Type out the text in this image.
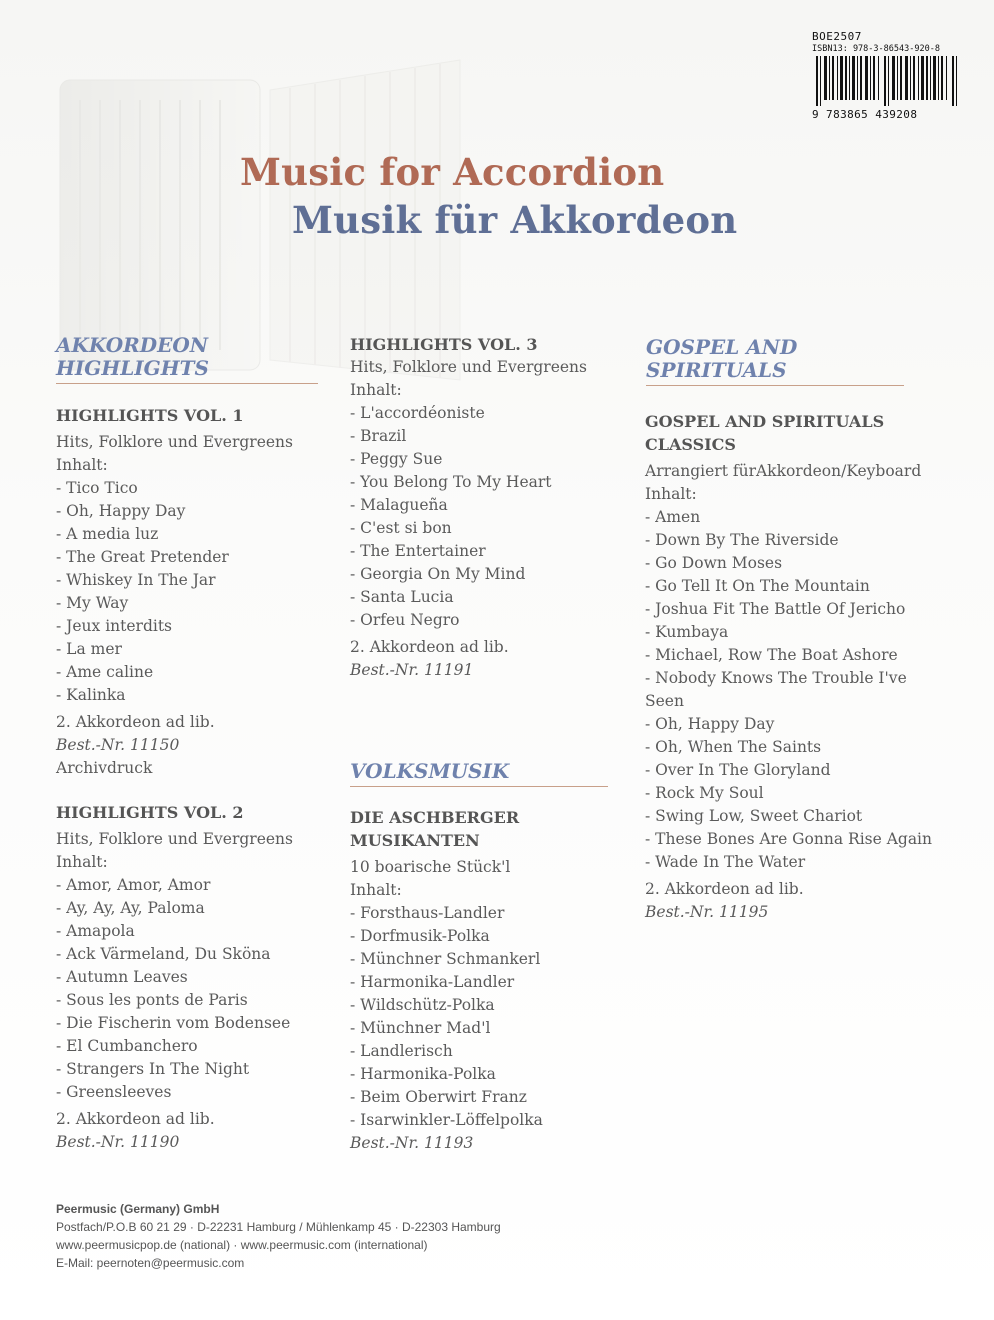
BOE2507
ISBN13: 978-3-86543-920-8
9 783865 439208
Music for Accordion
Musik für Akkordeon
AKKORDEON HIGHLIGHTS
VOLKSMUSIK
GOSPEL AND SPIRITUALS
HIGHLIGHTS VOL. 1
Hits, Folklore und Evergreens
Inhalt:
- Tico Tico
- Oh, Happy Day
- A media luz
- The Great Pretender
- Whiskey In The Jar
- My Way
- Jeux interdits
- La mer
- Ame caline
- Kalinka
2. Akkordeon ad lib.
Best.-Nr. 11150
Archivdruck
HIGHLIGHTS VOL. 2
Hits, Folklore und Evergreens
Inhalt:
- Amor, Amor, Amor
- Ay, Ay, Ay, Paloma
- Amapola
- Ack Värmeland, Du Sköna
- Autumn Leaves
- Sous les ponts de Paris
- Die Fischerin vom Bodensee
- El Cumbanchero
- Strangers In The Night
- Greensleeves
2. Akkordeon ad lib.
Best.-Nr. 11190
HIGHLIGHTS VOL. 3
Hits, Folklore und Evergreens
Inhalt:
- L'accordéoniste
- Brazil
- Peggy Sue
- You Belong To My Heart
- Malagueña
- C'est si bon
- The Entertainer
- Georgia On My Mind
- Santa Lucia
- Orfeu Negro
2. Akkordeon ad lib.
Best.-Nr. 11191
DIE ASCHBERGER
MUSIKANTEN
10 boarische Stück'l
Inhalt:
- Forsthaus-Landler
- Dorfmusik-Polka
- Münchner Schmankerl
- Harmonika-Landler
- Wildschütz-Polka
- Münchner Mad'l
- Landlerisch
- Harmonika-Polka
- Beim Oberwirt Franz
- Isarwinkler-Löffelpolka
Best.-Nr. 11193
GOSPEL AND SPIRITUALS
CLASSICS
Arrangiert fürAkkordeon/Keyboard
Inhalt:
- Amen
- Down By The Riverside
- Go Down Moses
- Go Tell It On The Mountain
- Joshua Fit The Battle Of Jericho
- Kumbaya
- Michael, Row The Boat Ashore
- Nobody Knows The Trouble I've Seen
- Oh, Happy Day
- Oh, When The Saints
- Over In The Gloryland
- Rock My Soul
- Swing Low, Sweet Chariot
- These Bones Are Gonna Rise Again
- Wade In The Water
2. Akkordeon ad lib.
Best.-Nr. 11195
Peermusic (Germany) GmbH
Postfach/P.O.B 60 21 29 · D-22231 Hamburg / Mühlenkamp 45 · D-22303 Hamburg
www.peermusicpop.de (national) · www.peermusic.com (international)
E-Mail: peernoten@peermusic.com
